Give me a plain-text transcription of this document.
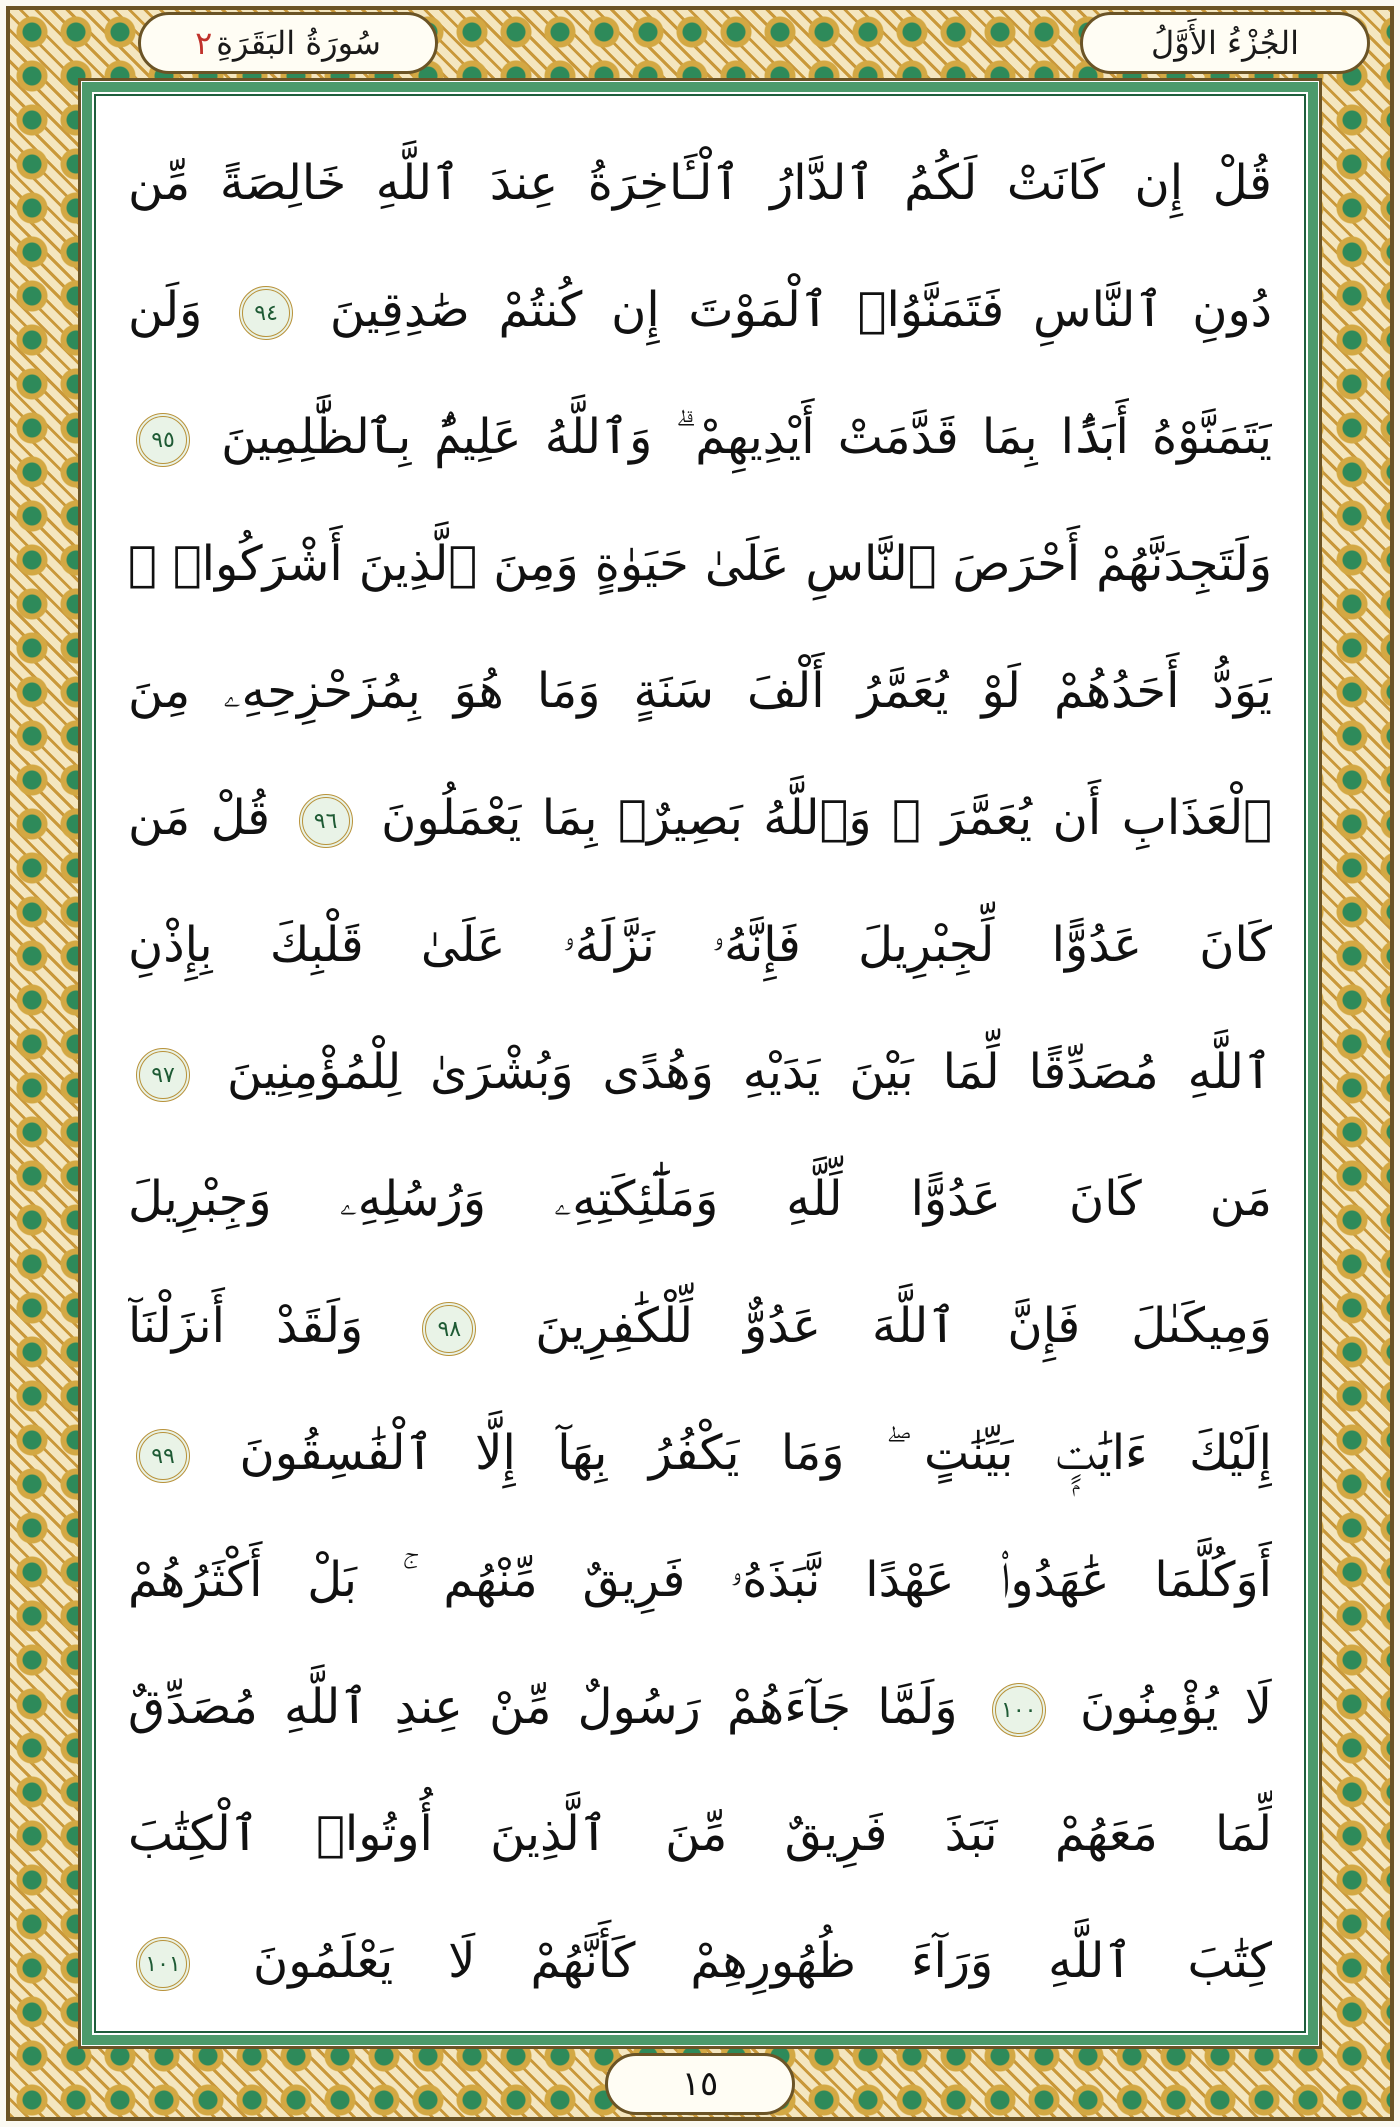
الجُزْءُ الأَوَّلُ
سُورَةُ البَقَرَةِ
٢
قُلْ إِن كَانَتْ لَكُمُ ٱلدَّارُ ٱلْـَٔاخِرَةُ عِندَ ٱللَّهِ خَالِصَةً مِّن
دُونِ ٱلنَّاسِ فَتَمَنَّوُا۟ ٱلْمَوْتَ إِن كُنتُمْ صَٰدِقِينَ ٩٤ وَلَن
يَتَمَنَّوْهُ أَبَدًۢا بِمَا قَدَّمَتْ أَيْدِيهِمْ ۗ وَٱللَّهُ عَلِيمٌۢ بِٱلظَّٰلِمِينَ ٩٥
وَلَتَجِدَنَّهُمْ أَحْرَصَ ٱلنَّاسِ عَلَىٰ حَيَوٰةٍ وَمِنَ ٱلَّذِينَ أَشْرَكُوا۟ ۚ
يَوَدُّ أَحَدُهُمْ لَوْ يُعَمَّرُ أَلْفَ سَنَةٍ وَمَا هُوَ بِمُزَحْزِحِهِۦ مِنَ
ٱلْعَذَابِ أَن يُعَمَّرَ ۗ وَٱللَّهُ بَصِيرٌۢ بِمَا يَعْمَلُونَ ٩٦ قُلْ مَن
كَانَ عَدُوًّا لِّجِبْرِيلَ فَإِنَّهُۥ نَزَّلَهُۥ عَلَىٰ قَلْبِكَ بِإِذْنِ
ٱللَّهِ مُصَدِّقًا لِّمَا بَيْنَ يَدَيْهِ وَهُدًى وَبُشْرَىٰ لِلْمُؤْمِنِينَ ٩٧
مَن كَانَ عَدُوًّا لِّلَّهِ وَمَلَٰٓئِكَتِهِۦ وَرُسُلِهِۦ وَجِبْرِيلَ
وَمِيكَىٰلَ فَإِنَّ ٱللَّهَ عَدُوٌّ لِّلْكَٰفِرِينَ ٩٨ وَلَقَدْ أَنزَلْنَآ
إِلَيْكَ ءَايَٰتٍۭ بَيِّنَٰتٍ ۖ وَمَا يَكْفُرُ بِهَآ إِلَّا ٱلْفَٰسِقُونَ ٩٩
أَوَكُلَّمَا عَٰهَدُوا۟ عَهْدًا نَّبَذَهُۥ فَرِيقٌ مِّنْهُم ۚ بَلْ أَكْثَرُهُمْ
لَا يُؤْمِنُونَ ١٠٠ وَلَمَّا جَآءَهُمْ رَسُولٌ مِّنْ عِندِ ٱللَّهِ مُصَدِّقٌ
لِّمَا مَعَهُمْ نَبَذَ فَرِيقٌ مِّنَ ٱلَّذِينَ أُوتُوا۟ ٱلْكِتَٰبَ
كِتَٰبَ ٱللَّهِ وَرَآءَ ظُهُورِهِمْ كَأَنَّهُمْ لَا يَعْلَمُونَ ١٠١
١٥
